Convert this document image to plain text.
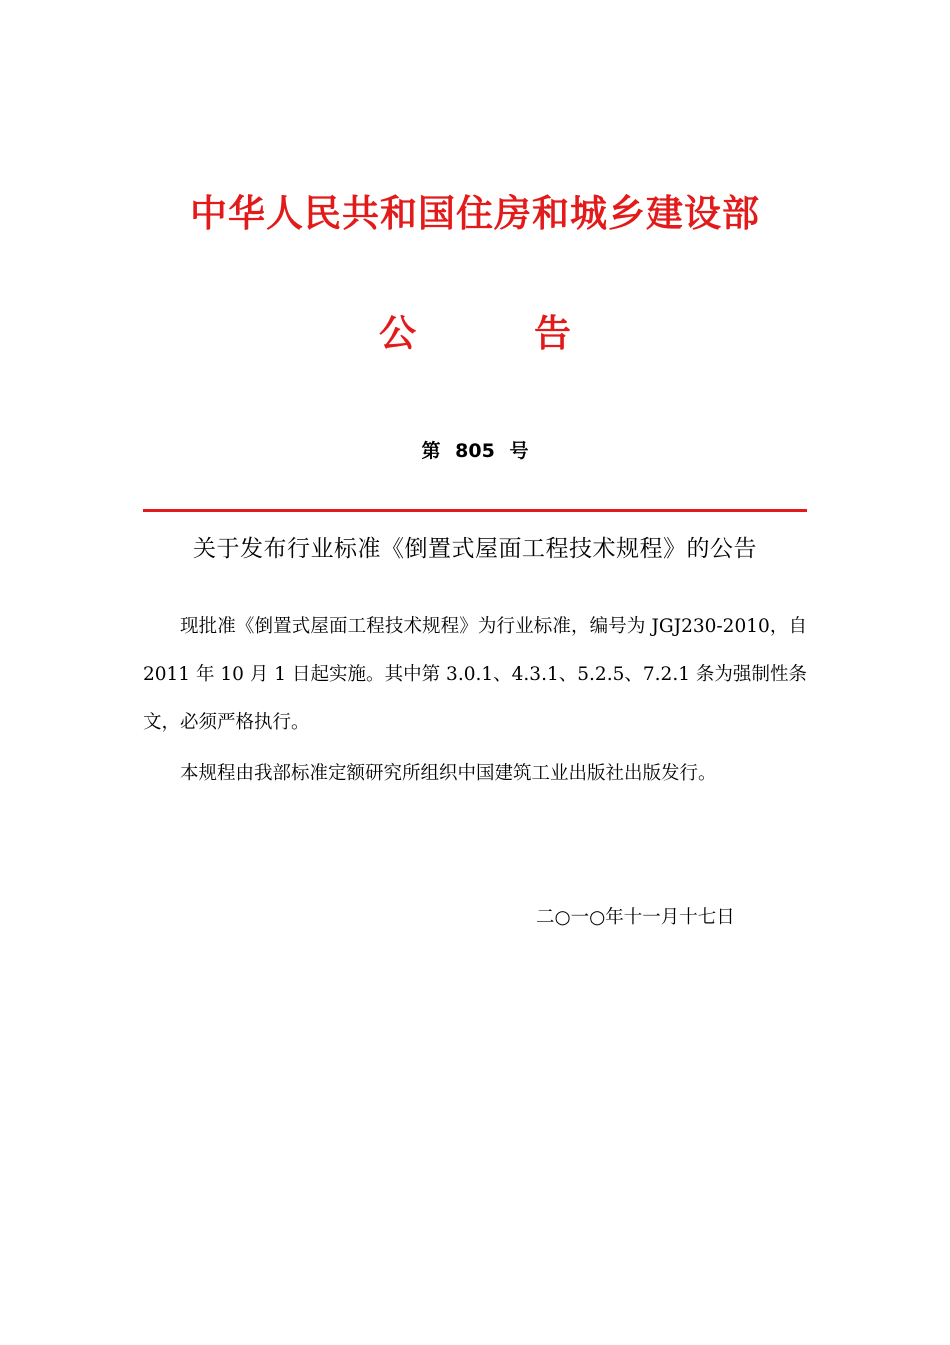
中华人民共和国住房和城乡建设部
公	告
第 805 号
关于发布行业标准《倒置式屋面工程技术规程》的公告

现批准《倒置式屋面工程技术规程》为行业标准，编号为 JGJ230-2010，自 2011 年 10 月 1 日起实施。其中第 3.0.1、4.3.1、5.2.5、7.2.1 条为强制性条文，必须严格执行。

本规程由我部标准定额研究所组织中国建筑工业出版社出版发行。

二○一○年十一月十七日
